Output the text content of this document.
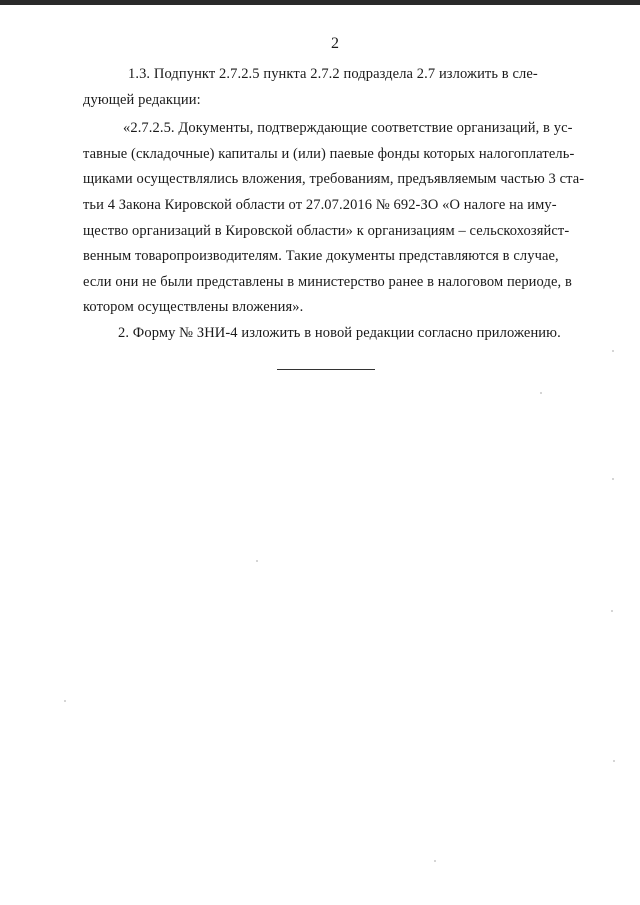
2
1.3. Подпункт 2.7.2.5 пункта 2.7.2 подраздела 2.7 изложить в сле-
дующей редакции:
«2.7.2.5. Документы, подтверждающие соответствие организаций, в ус-
тавные (складочные) капиталы и (или) паевые фонды которых налогоплатель-
щиками осуществлялись вложения, требованиям, предъявляемым частью 3 ста-
тьи 4 Закона Кировской области от 27.07.2016 № 692-ЗО «О налоге на иму-
щество организаций в Кировской области» к организациям – сельскохозяйст-
венным товаропроизводителям. Такие документы представляются в случае,
если они не были представлены в министерство ранее в налоговом периоде, в
котором осуществлены вложения».
2. Форму № ЗНИ-4 изложить в новой редакции согласно приложению.
